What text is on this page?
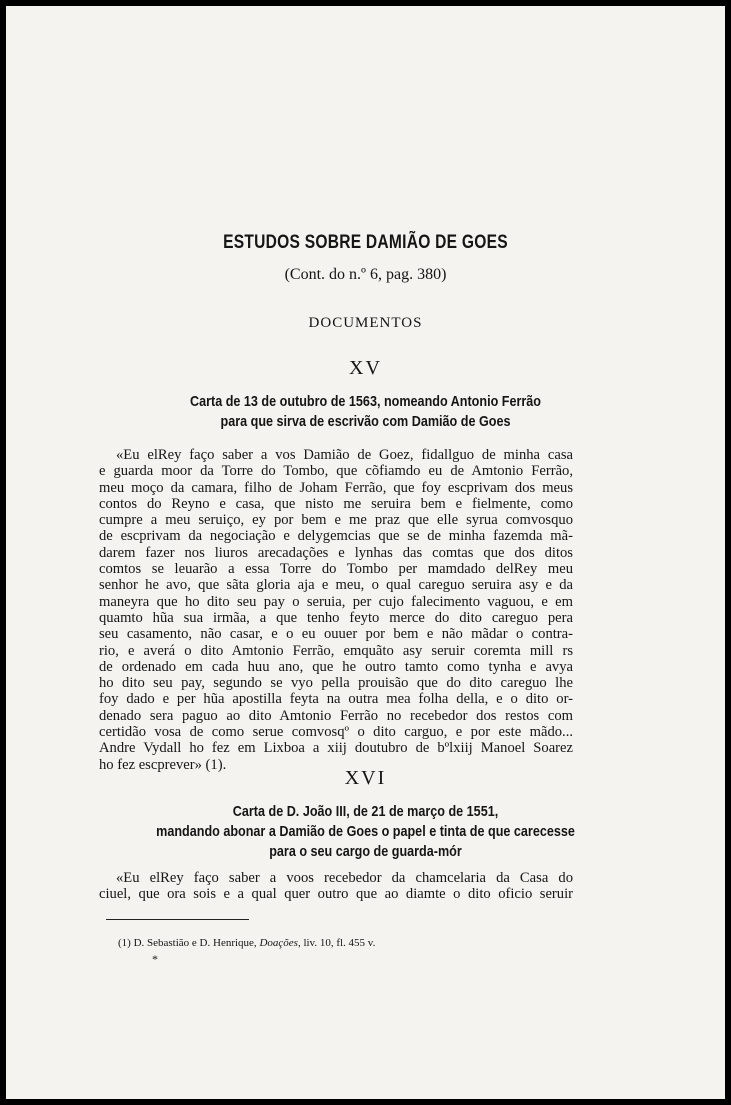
ESTUDOS SOBRE DAMIÃO DE GOES
(Cont. do n.º 6, pag. 380)
DOCUMENTOS
XV
Carta de 13 de outubro de 1563, nomeando Antonio Ferrão
para que sirva de escrivão com Damião de Goes
«Eu elRey faço saber a vos Damião de Goez, fidallguo de minha casa
e guarda moor da Torre do Tombo, que cõfiamdo eu de Amtonio Ferrão,
meu moço da camara, filho de Joham Ferrão, que foy escprivam dos meus
contos do Reyno e casa, que nisto me seruira bem e fielmente, como
cumpre a meu seruiço, ey por bem e me praz que elle syrua comvosquo
de escprivam da negociação e delygemcias que se de minha fazemda mã-
darem fazer nos liuros arecadações e lynhas das comtas que dos ditos
comtos se leuarão a essa Torre do Tombo per mamdado delRey meu
senhor he avo, que sãta gloria aja e meu, o qual careguo seruira asy e da
maneyra que ho dito seu pay o seruia, per cujo falecimento vaguou, e em
quamto hũa sua irmãa, a que tenho feyto merce do dito careguo pera
seu casamento, não casar, e o eu ouuer por bem e não mãdar o contra-
rio, e averá o dito Amtonio Ferrão, emquãto asy seruir coremta mill rs
de ordenado em cada huu ano, que he outro tamto como tynha e avya
ho dito seu pay, segundo se vyo pella prouisão que do dito careguo lhe
foy dado e per hũa apostilla feyta na outra mea folha della, e o dito or-
denado sera paguo ao dito Amtonio Ferrão no recebedor dos restos com
certidão vosa de como serue comvosqº o dito carguo, e por este mãdo...
Andre Vydall ho fez em Lixboa a xiij doutubro de bºlxiij Manoel Soarez
ho fez escprever» (1).
XVI
Carta de D. João III, de 21 de março de 1551,
mandando abonar a Damião de Goes o papel e tinta de que carecesse
para o seu cargo de guarda-mór
«Eu elRey faço saber a voos recebedor da chamcelaria da Casa do
ciuel, que ora sois e a qual quer outro que ao diamte o dito oficio seruir
(1) D. Sebastião e D. Henrique, Doações, liv. 10, fl. 455 v.
*
